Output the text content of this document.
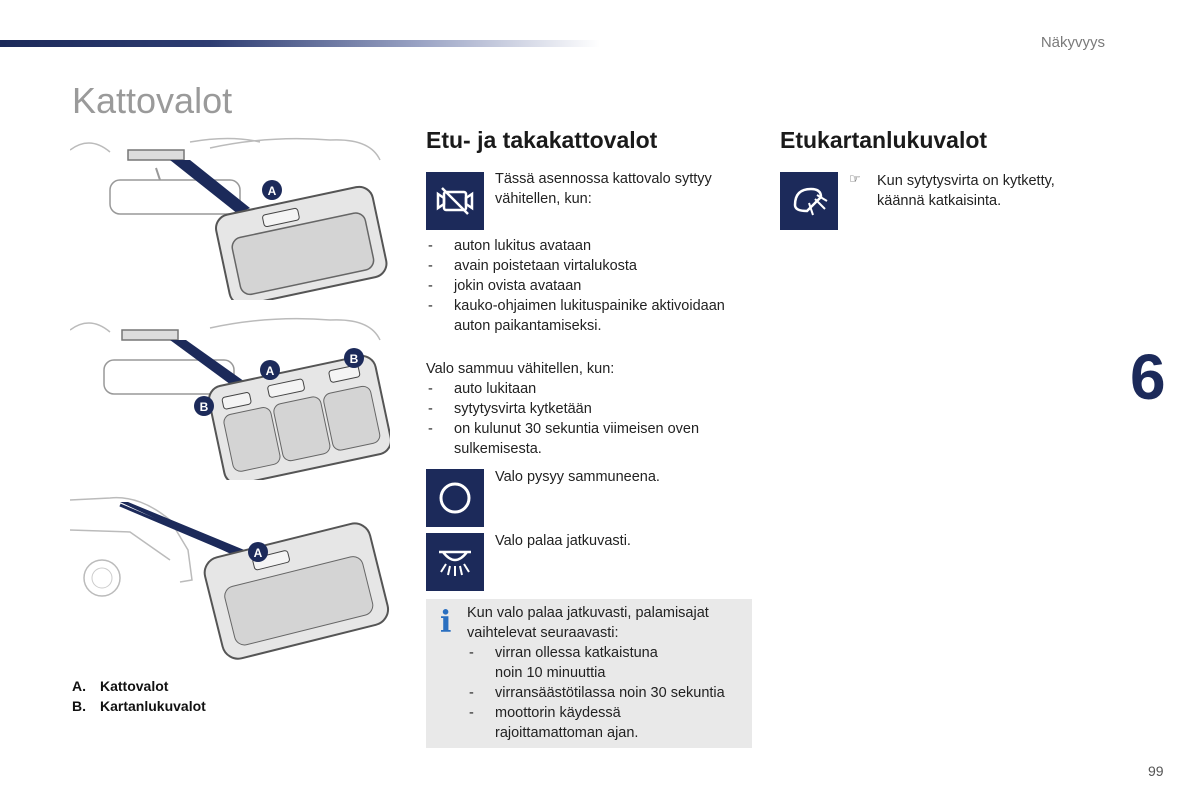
Näkyvyys
Kattovalot
A
A
B
B
A
Etu- ja takakattovalot
Tässä asennossa kattovalo syttyy vähitellen, kun:
- auton lukitus avataan
- avain poistetaan virtalukosta
- jokin ovista avataan
- kauko-ohjaimen lukituspainike aktivoidaan auton paikantamiseksi.
Valo sammuu vähitellen, kun:
- auto lukitaan
- sytytysvirta kytketään
- on kulunut 30 sekuntia viimeisen oven sulkemisesta.
Valo pysyy sammuneena.
Valo palaa jatkuvasti.
i Kun valo palaa jatkuvasti, palamisajat vaihtelevat seuraavasti:
- virran ollessa katkaistuna noin 10 minuuttia
- virransäästötilassa noin 30 sekuntia
- moottorin käydessä rajoittamattoman ajan.
Etukartanlukuvalot
☞ Kun sytytysvirta on kytketty, käännä katkaisinta.
A. Kattovalot
B. Kartanlukuvalot
6
99
